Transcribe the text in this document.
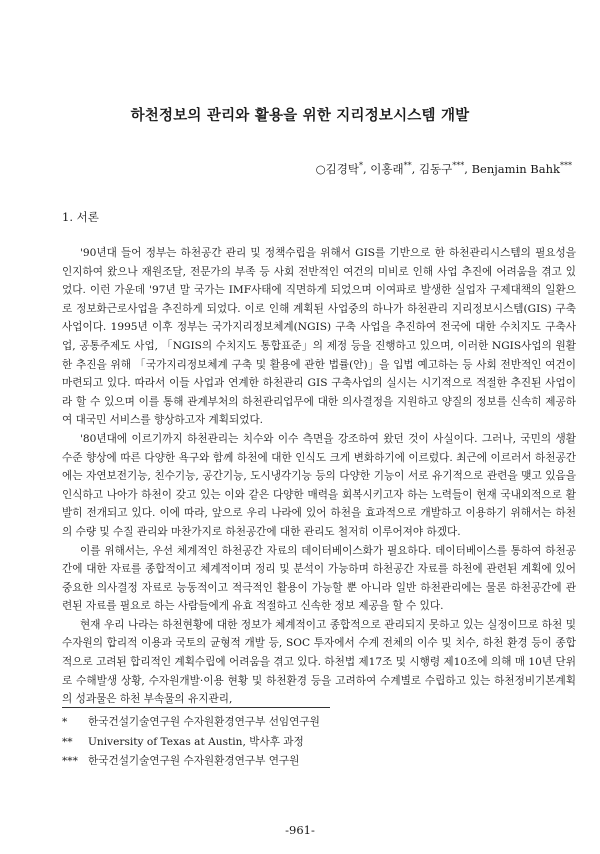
하천정보의 관리와 활용을 위한 지리정보시스템 개발
○김경탁*, 이홍래**, 김동구***, Benjamin Bahk***
1. 서론

'90년대 들어 정부는 하천공간 관리 및 정책수립을 위해서 GIS를 기반으로 한 하천관리시스템의 필요성을 인지하여 왔으나 재원조달, 전문가의 부족 등 사회 전반적인 여건의 미비로 인해 사업 추진에 어려움을 겪고 있었다. 이런 가운데 '97년 말 국가는 IMF사태에 직면하게 되었으며 이여파로 발생한 실업자 구제대책의 일환으로 정보화근로사업을 추진하게 되었다. 이로 인해 계획된 사업중의 하나가 하천관리 지리정보시스템(GIS) 구축사업이다. 1995년 이후 정부는 국가지리정보체계(NGIS) 구축 사업을 추진하여 전국에 대한 수치지도 구축사업, 공통주제도 사업, 「NGIS의 수치지도 통합표준」의 제정 등을 진행하고 있으며, 이러한 NGIS사업의 원활한 추진을 위해 「국가지리정보체계 구축 및 활용에 관한 법률(안)」을 입법 예고하는 등 사회 전반적인 여건이 마련되고 있다. 따라서 이들 사업과 연계한 하천관리 GIS 구축사업의 실시는 시기적으로 적절한 추진된 사업이라 할 수 있으며 이를 통해 관계부처의 하천관리업무에 대한 의사결정을 지원하고 양질의 정보를 신속히 제공하여 대국민 서비스를 향상하고자 계획되었다.

'80년대에 이르기까지 하천관리는 치수와 이수 측면을 강조하여 왔던 것이 사실이다. 그러나, 국민의 생활 수준 향상에 따른 다양한 욕구와 함께 하천에 대한 인식도 크게 변화하기에 이르렀다. 최근에 이르러서 하천공간에는 자연보전기능, 친수기능, 공간기능, 도시냉각기능 등의 다양한 기능이 서로 유기적으로 관련을 맺고 있음을 인식하고 나아가 하천이 갖고 있는 이와 같은 다양한 매력을 회복시키고자 하는 노력들이 현재 국내외적으로 활발히 전개되고 있다. 이에 따라, 앞으로 우리 나라에 있어 하천을 효과적으로 개발하고 이용하기 위해서는 하천의 수량 및 수질 관리와 마찬가지로 하천공간에 대한 관리도 철저히 이루어져야 하겠다.

이를 위해서는, 우선 체계적인 하천공간 자료의 데이터베이스화가 필요하다. 데이터베이스를 통하여 하천공간에 대한 자료를 종합적이고 체계적이며 정리 및 분석이 가능하며 하천공간 자료를 하천에 관련된 계획에 있어 중요한 의사결정 자료로 능동적이고 적극적인 활용이 가능할 뿐 아니라 일반 하천관리에는 물론 하천공간에 관련된 자료를 필요로 하는 사람들에게 유효 적절하고 신속한 정보 제공을 할 수 있다.

현재 우리 나라는 하천현황에 대한 정보가 체계적이고 종합적으로 관리되지 못하고 있는 실정이므로 하천 및 수자원의 합리적 이용과 국토의 균형적 개발 등, SOC 투자에서 수계 전체의 이수 및 치수, 하천 환경 등이 종합적으로 고려된 합리적인 계획수립에 어려움을 겪고 있다. 하천법 제17조 및 시행령 제10조에 의해 매 10년 단위로 수해발생 상황, 수자원개발·이용 현황 및 하천환경 등을 고려하여 수계별로 수립하고 있는 하천정비기본계획의 성과물은 하천 부속물의 유지관리,

* 한국건설기술연구원 수자원환경연구부 선임연구원
** University of Texas at Austin, 박사후 과정
*** 한국건설기술연구원 수자원환경연구부 연구원
-961-
